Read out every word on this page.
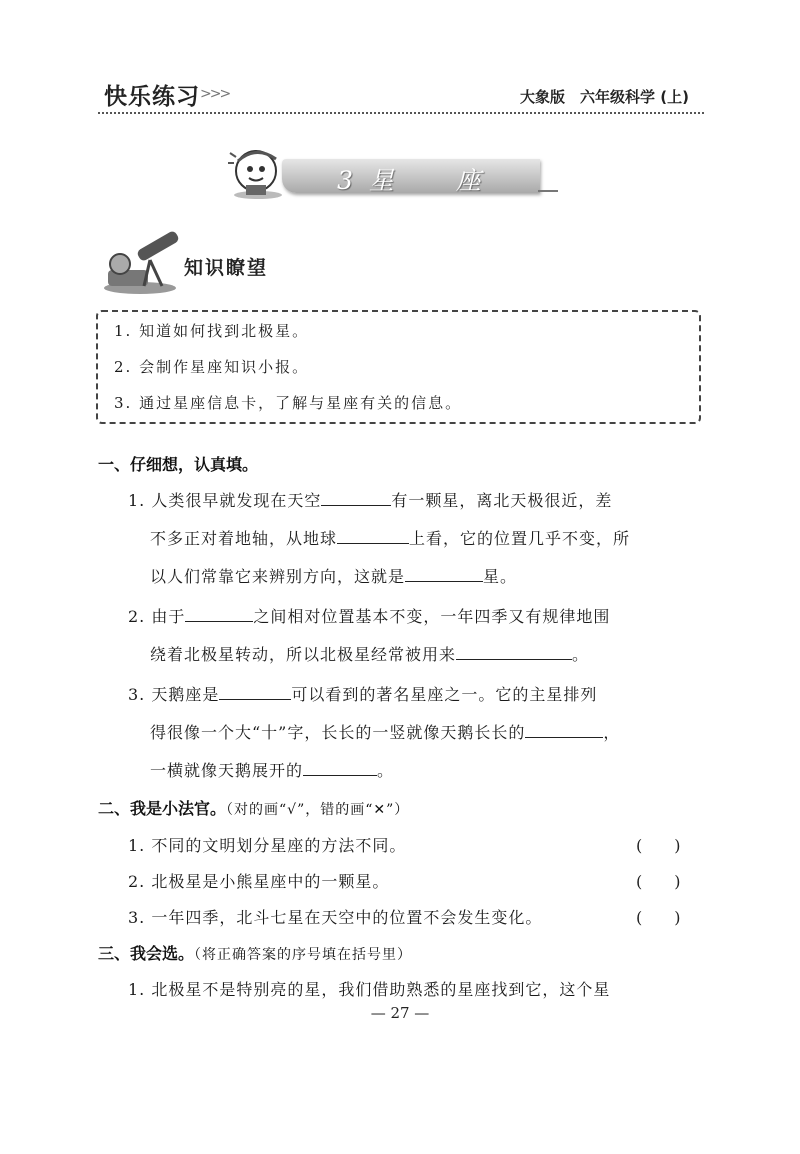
快乐练习 >>>	大象版　六年级科学 (上)
3 星　　座
知识瞭望
1. 知道如何找到北极星。
2. 会制作星座知识小报。
3. 通过星座信息卡，了解与星座有关的信息。
一、仔细想，认真填。
1. 人类很早就发现在天空	有一颗星，离北天极很近，差
不多正对着地轴，从地球	上看，它的位置几乎不变，所
以人们常靠它来辨别方向，这就是	星。
2. 由于	之间相对位置基本不变，一年四季又有规律地围
绕着北极星转动，所以北极星经常被用来	。
3. 天鹅座是	可以看到的著名星座之一。它的主星排列
得很像一个大“十”字，长长的一竖就像天鹅长长的	，
一横就像天鹅展开的	。
二、我是小法官。（对的画“√”，错的画“✕”）
1. 不同的文明划分星座的方法不同。	(　　)
2. 北极星是小熊星座中的一颗星。	(　　)
3. 一年四季，北斗七星在天空中的位置不会发生变化。	(　　)
三、我会选。（将正确答案的序号填在括号里）
1. 北极星不是特别亮的星，我们借助熟悉的星座找到它，这个星
— 27 —
